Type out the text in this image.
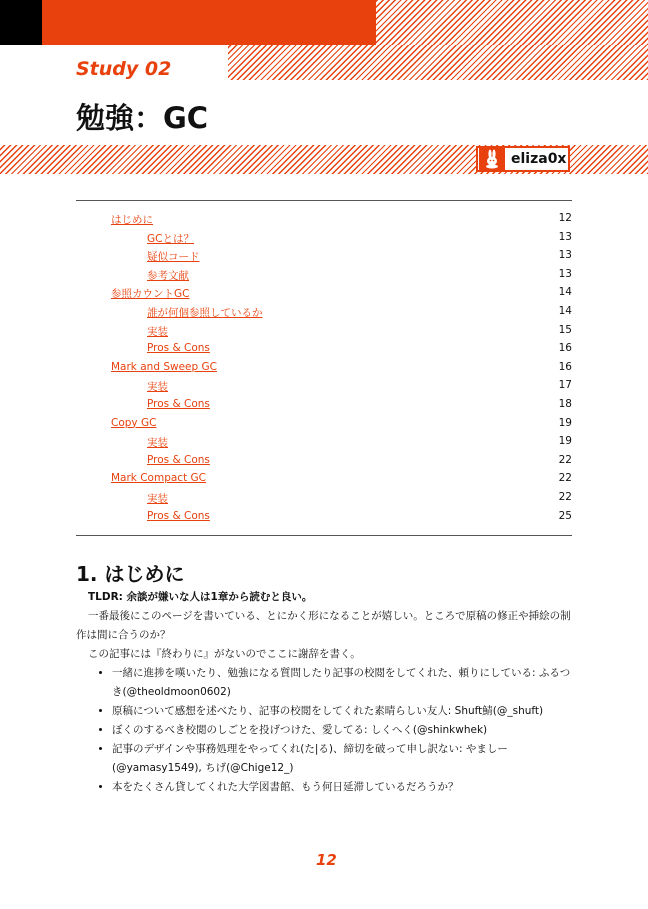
Study 02
勉強：GC
eliza0x
はじめに	12
GCとは？	13
疑似コード	13
参考文献	13
参照カウントGC	14
誰が何個参照しているか	14
実装	15
Pros & Cons	16
Mark and Sweep GC	16
実装	17
Pros & Cons	18
Copy GC	19
実装	19
Pros & Cons	22
Mark Compact GC	22
実装	22
Pros & Cons	25
1. はじめに

TLDR: 余談が嫌いな人は1章から読むと良い。

一番最後にこのページを書いている、とにかく形になることが嬉しい。ところで原稿の修正や挿絵の制作は間に合うのか？

この記事には『終わりに』がないのでここに謝辞を書く。

• 一緒に進捗を嘆いたり、勉強になる質問したり記事の校閲をしてくれた、頼りにしている: ふるつき(@theoldmoon0602)
• 原稿について感想を述べたり、記事の校閲をしてくれた素晴らしい友人: Shuft鯖(@_shuft)
• ぼくのするべき校閲のしごとを投げつけた、愛してる: しくへく(@shinkwhek)
• 記事のデザインや事務処理をやってくれ(た|る)、締切を破って申し訳ない: やましー(@yamasy1549), ちげ(@Chige12_)
• 本をたくさん貸してくれた大学図書館、もう何日延滞しているだろうか？
12
